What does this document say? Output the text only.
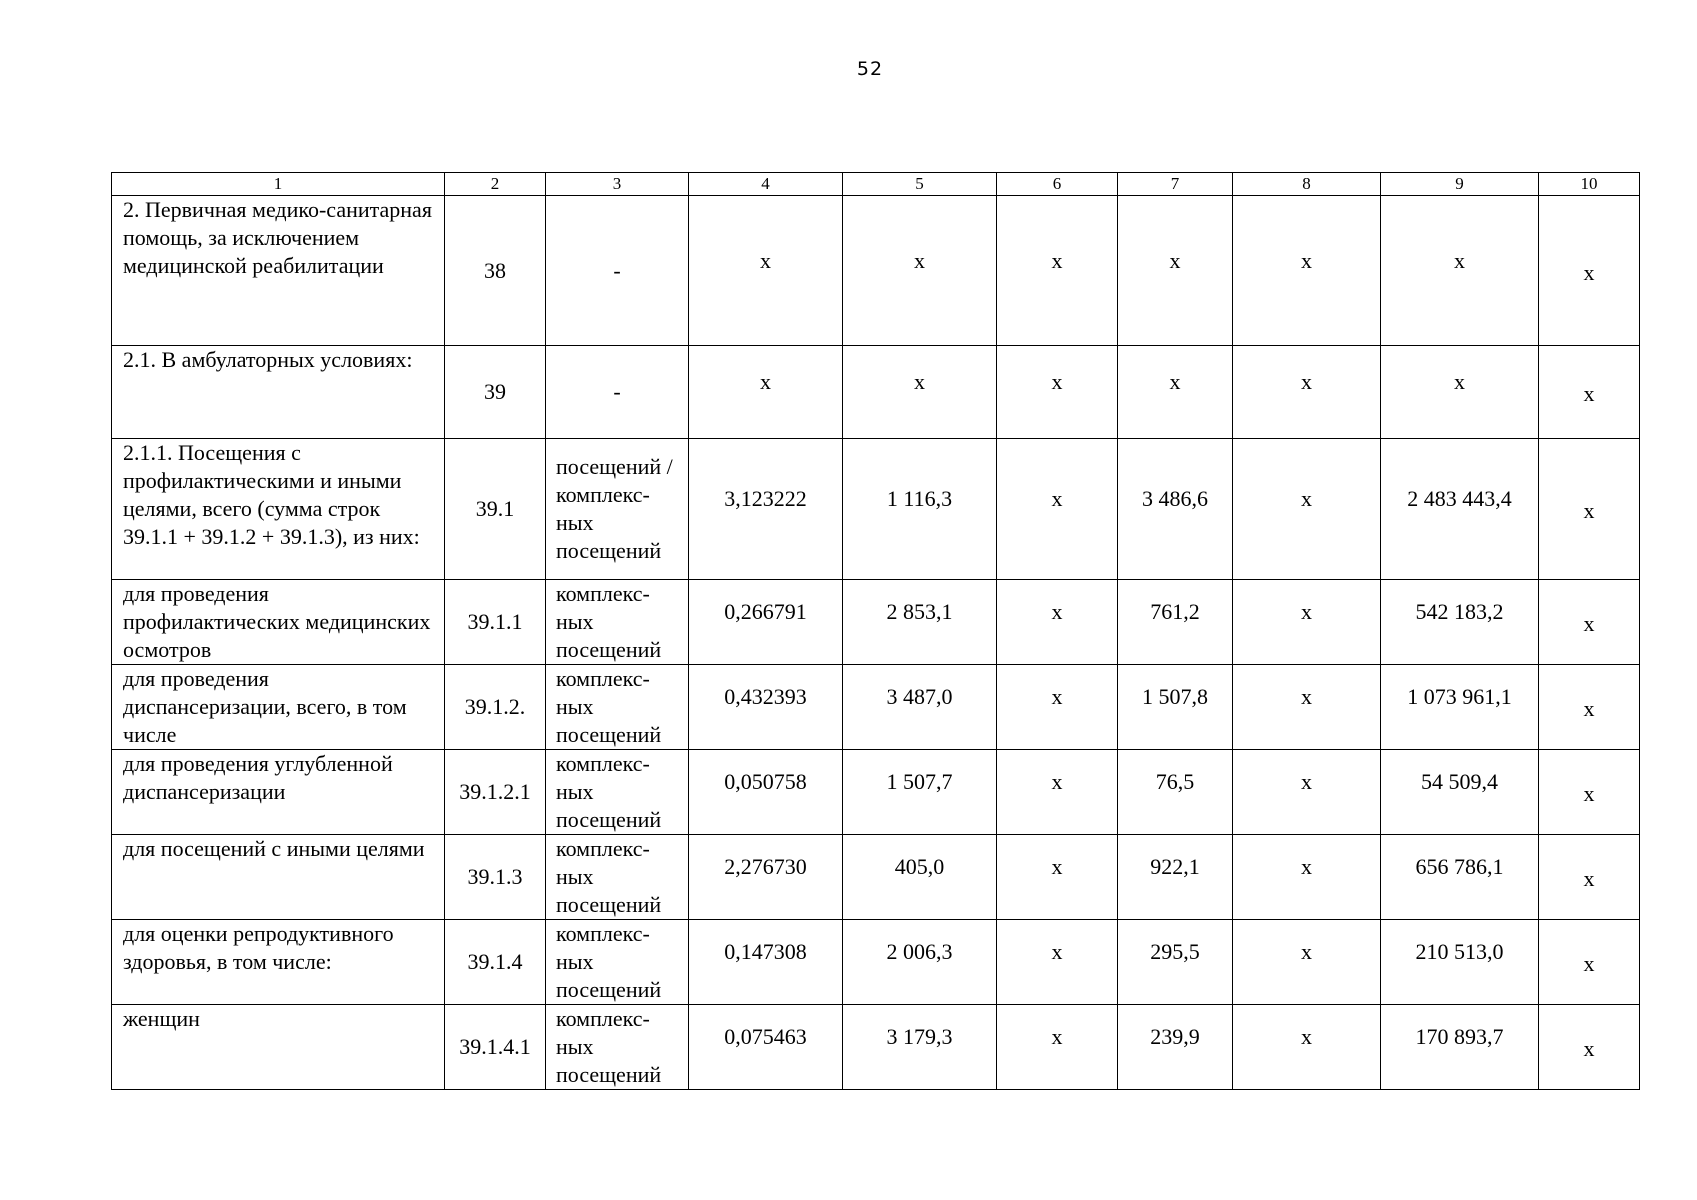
52
1	2	3	4	5	6	7	8	9	10
2. Первичная медико-санитарная помощь, за исключением медицинской реабилитации	38	-	х	х	х	х	х	х	х

2.1. В амбулаторных условиях:	39	-	х	х	х	х	х	х	х

2.1.1. Посещения с профилактическими и иными целями, всего (сумма строк 39.1.1 + 39.1.2 + 39.1.3), из них:	39.1	посещений /комплекс-ных посещений	3,123222	1 116,3	х	3 486,6	х	2 483 443,4	х

для проведения профилактических медицинских осмотров	39.1.1	комплекс-ных посещений	0,266791	2 853,1	х	761,2	х	542 183,2	х

для проведения диспансеризации, всего, в том числе	39.1.2.	комплекс-ных посещений	0,432393	3 487,0	х	1 507,8	х	1 073 961,1	х

для проведения углубленной диспансеризации	39.1.2.1	комплекс-ных посещений	0,050758	1 507,7	х	76,5	х	54 509,4	х

для посещений с иными целями	39.1.3	комплекс-ных посещений	2,276730	405,0	х	922,1	х	656 786,1	х

для оценки репродуктивного здоровья, в том числе:	39.1.4	комплекс-ных посещений	0,147308	2 006,3	х	295,5	х	210 513,0	х

женщин	39.1.4.1	комплекс-ных посещений	0,075463	3 179,3	х	239,9	х	170 893,7	х
